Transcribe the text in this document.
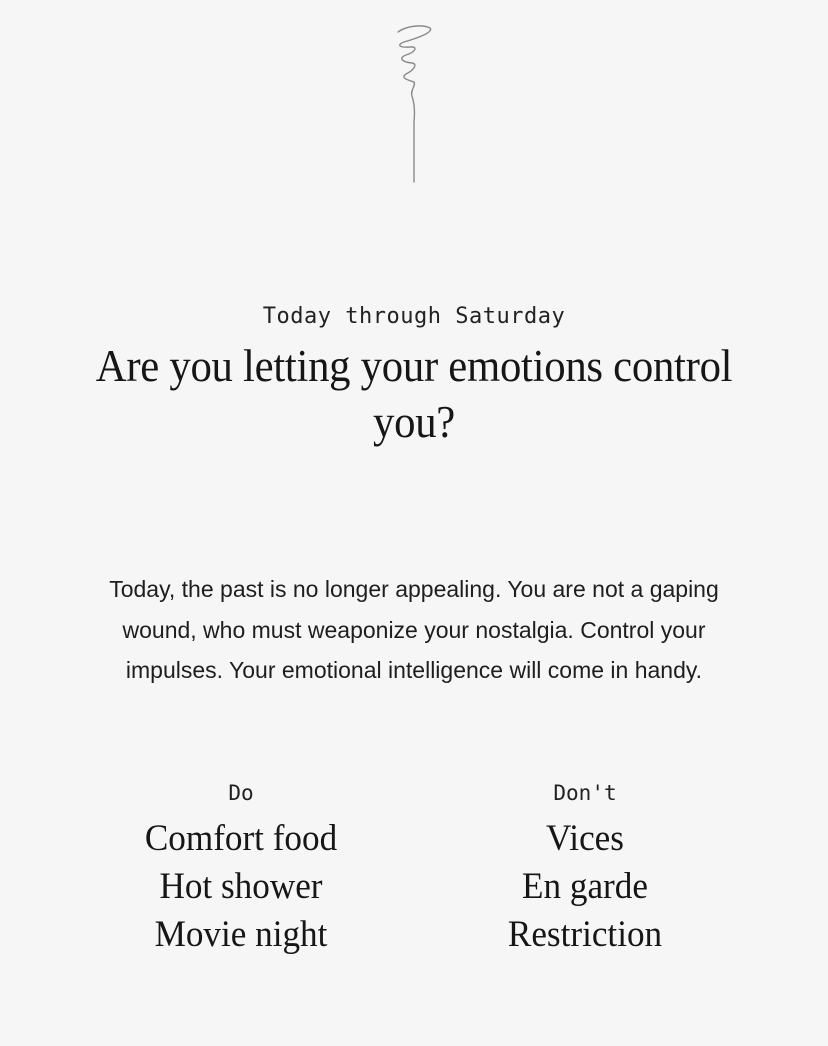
Today through Saturday
Are you letting your emotions control you?

Today, the past is no longer appealing. You are not a gaping wound, who must weaponize your nostalgia. Control your impulses. Your emotional intelligence will come in handy.

Do
Comfort food
Hot shower
Movie night
Don't
Vices
En garde
Restriction
